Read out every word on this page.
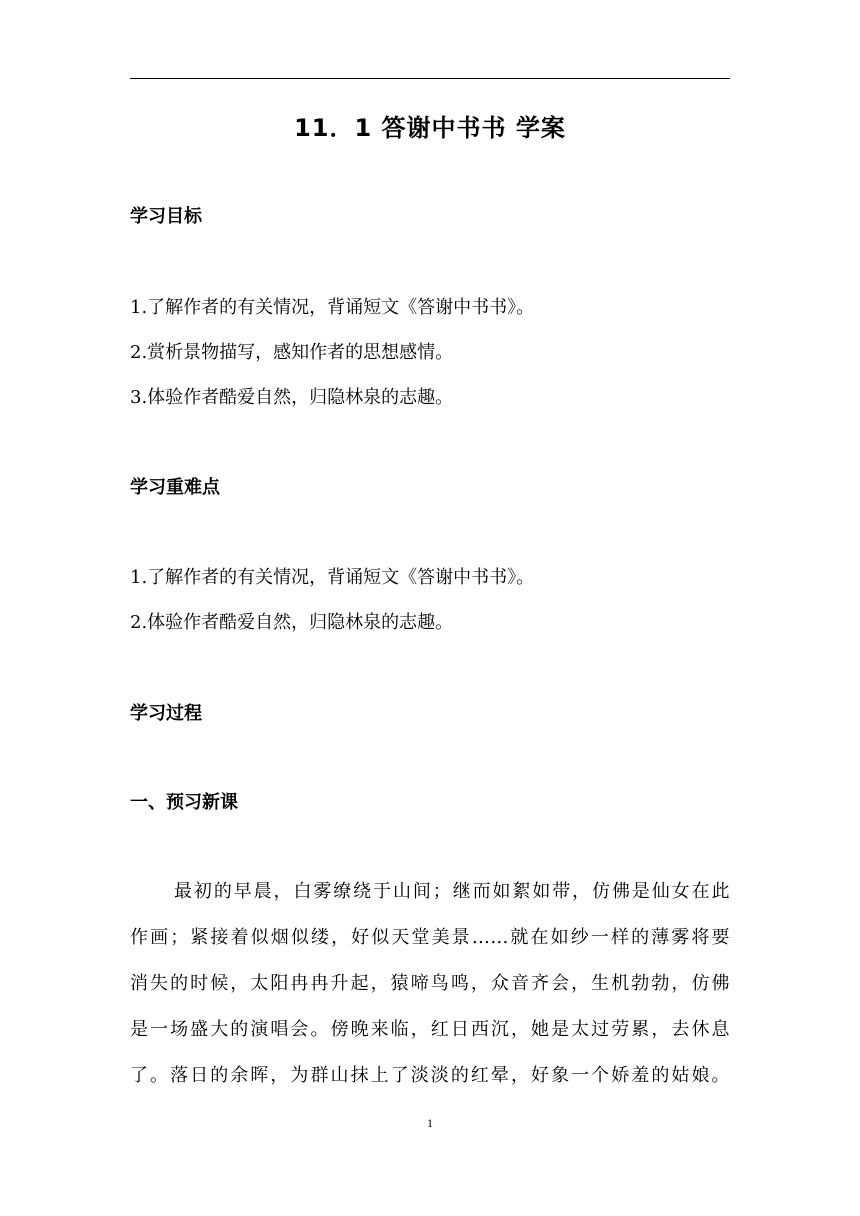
11．1 答谢中书书 学案
学习目标
1.了解作者的有关情况，背诵短文《答谢中书书》。
2.赏析景物描写，感知作者的思想感情。
3.体验作者酷爱自然，归隐林泉的志趣。
学习重难点
1.了解作者的有关情况，背诵短文《答谢中书书》。
2.体验作者酷爱自然，归隐林泉的志趣。
学习过程
一、预习新课
最初的早晨，白雾缭绕于山间；继而如絮如带，仿佛是仙女在此
作画；紧接着似烟似缕，好似天堂美景……就在如纱一样的薄雾将要
消失的时候，太阳冉冉升起，猿啼鸟鸣，众音齐会，生机勃勃，仿佛
是一场盛大的演唱会。傍晚来临，红日西沉，她是太过劳累，去休息
了。落日的余晖，为群山抹上了淡淡的红晕，好象一个娇羞的姑娘。
1
